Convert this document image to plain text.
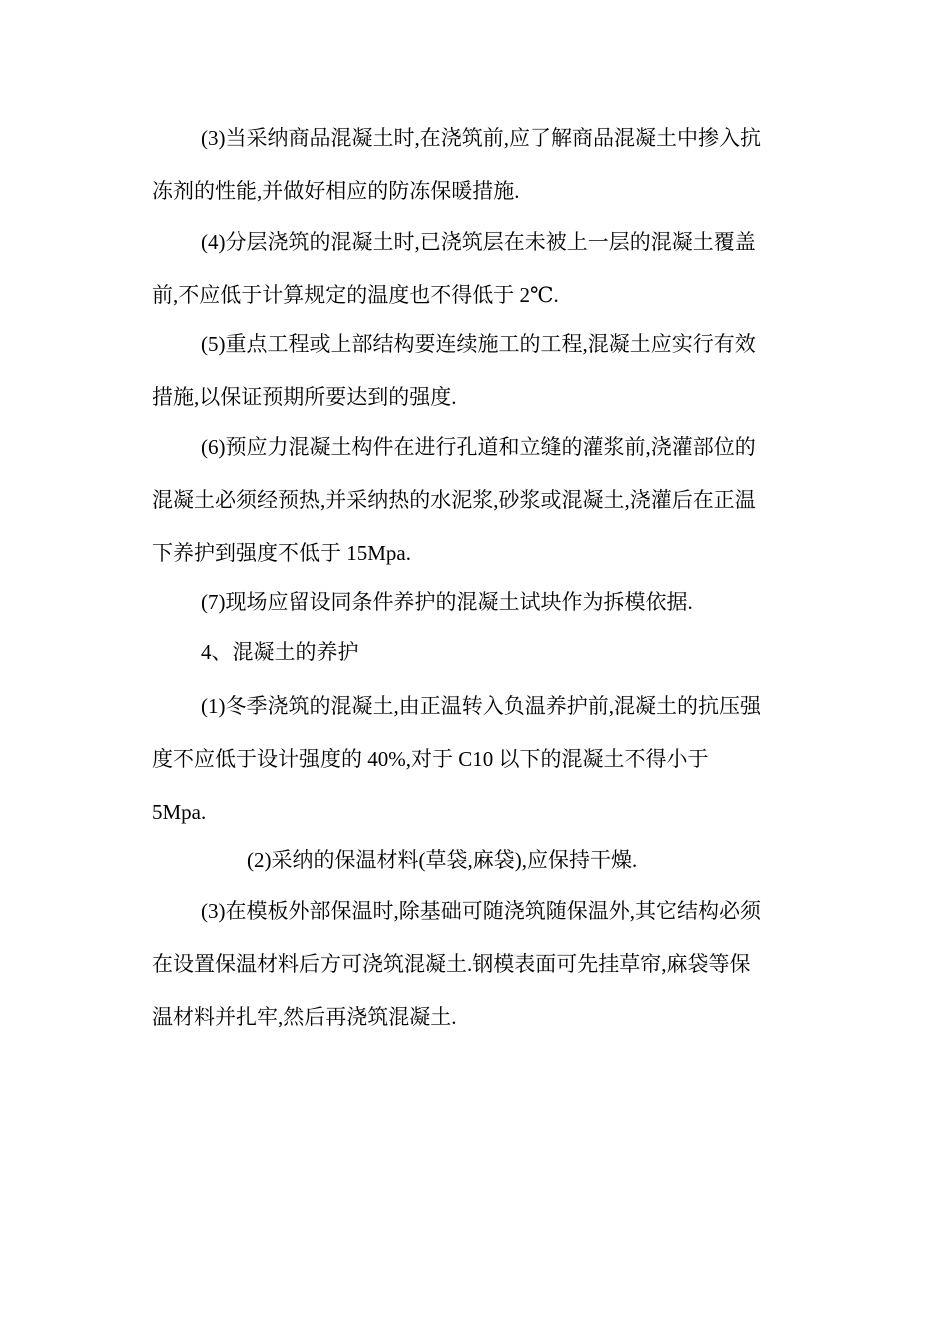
(3)当采纳商品混凝土时,在浇筑前,应了解商品混凝土中掺入抗
冻剂的性能,并做好相应的防冻保暖措施.
(4)分层浇筑的混凝土时,已浇筑层在未被上一层的混凝土覆盖
前,不应低于计算规定的温度也不得低于 2℃.
(5)重点工程或上部结构要连续施工的工程,混凝土应实行有效
措施,以保证预期所要达到的强度.
(6)预应力混凝土构件在进行孔道和立缝的灌浆前,浇灌部位的
混凝土必须经预热,并采纳热的水泥浆,砂浆或混凝土,浇灌后在正温
下养护到强度不低于 15Mpa.
(7)现场应留设同条件养护的混凝土试块作为拆模依据.
4、混凝土的养护
(1)冬季浇筑的混凝土,由正温转入负温养护前,混凝土的抗压强
度不应低于设计强度的 40%,对于 C10 以下的混凝土不得小于
5Mpa.
(2)采纳的保温材料(草袋,麻袋),应保持干燥.
(3)在模板外部保温时,除基础可随浇筑随保温外,其它结构必须
在设置保温材料后方可浇筑混凝土.钢模表面可先挂草帘,麻袋等保
温材料并扎牢,然后再浇筑混凝土.
